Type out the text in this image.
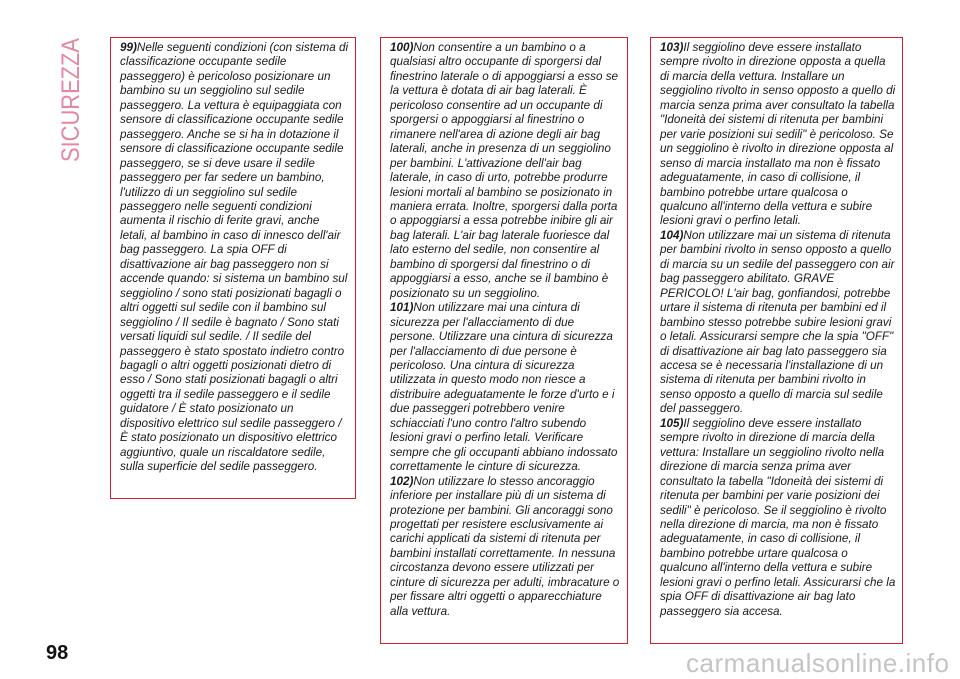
SICUREZZA	99)Nelle seguenti condizioni (con sistema di classificazione occupante sedile passeggero) è pericoloso posizionare un bambino su un seggiolino sul sedile passeggero. La vettura è equipaggiata con sensore di classificazione occupante sedile passeggero. Anche se si ha in dotazione il sensore di classificazione occupante sedile passeggero, se si deve usare il sedile passeggero per far sedere un bambino, l'utilizzo di un seggiolino sul sedile passeggero nelle seguenti condizioni aumenta il rischio di ferite gravi, anche letali, al bambino in caso di innesco dell'air bag passeggero. La spia OFF di disattivazione air bag passeggero non si accende quando: si sistema un bambino sul seggiolino / sono stati posizionati bagagli o altri oggetti sul sedile con il bambino sul seggiolino / Il sedile è bagnato / Sono stati versati liquidi sul sedile. / Il sedile del passeggero è stato spostato indietro contro bagagli o altri oggetti posizionati dietro di esso / Sono stati posizionati bagagli o altri oggetti tra il sedile passeggero e il sedile guidatore / È stato posizionato un dispositivo elettrico sul sedile passeggero / È stato posizionato un dispositivo elettrico aggiuntivo, quale un riscaldatore sedile, sulla superficie del sedile passeggero.

100)Non consentire a un bambino o a qualsiasi altro occupante di sporgersi dal finestrino laterale o di appoggiarsi a esso se la vettura è dotata di air bag laterali. È pericoloso consentire ad un occupante di sporgersi o appoggiarsi al finestrino o rimanere nell'area di azione degli air bag laterali, anche in presenza di un seggiolino per bambini. L'attivazione dell'air bag laterale, in caso di urto, potrebbe produrre lesioni mortali al bambino se posizionato in maniera errata. Inoltre, sporgersi dalla porta o appoggiarsi a essa potrebbe inibire gli air bag laterali. L'air bag laterale fuoriesce dal lato esterno del sedile, non consentire al bambino di sporgersi dal finestrino o di appoggiarsi a esso, anche se il bambino è posizionato su un seggiolino.

101)Non utilizzare mai una cintura di sicurezza per l'allacciamento di due persone. Utilizzare una cintura di sicurezza per l'allacciamento di due persone è pericoloso. Una cintura di sicurezza utilizzata in questo modo non riesce a distribuire adeguatamente le forze d'urto e i due passeggeri potrebbero venire schiacciati l'uno contro l'altro subendo lesioni gravi o perfino letali. Verificare sempre che gli occupanti abbiano indossato correttamente le cinture di sicurezza.

102)Non utilizzare lo stesso ancoraggio inferiore per installare più di un sistema di protezione per bambini. Gli ancoraggi sono progettati per resistere esclusivamente ai carichi applicati da sistemi di ritenuta per bambini installati correttamente. In nessuna circostanza devono essere utilizzati per cinture di sicurezza per adulti, imbracature o per fissare altri oggetti o apparecchiature alla vettura.

103)Il seggiolino deve essere installato sempre rivolto in direzione opposta a quella di marcia della vettura. Installare un seggiolino rivolto in senso opposto a quello di marcia senza prima aver consultato la tabella "Idoneità dei sistemi di ritenuta per bambini per varie posizioni sui sedili" è pericoloso. Se un seggiolino è rivolto in direzione opposta al senso di marcia installato ma non è fissato adeguatamente, in caso di collisione, il bambino potrebbe urtare qualcosa o qualcuno all'interno della vettura e subire lesioni gravi o perfino letali.

104)Non utilizzare mai un sistema di ritenuta per bambini rivolto in senso opposto a quello di marcia su un sedile del passeggero con air bag passeggero abilitato. GRAVE PERICOLO! L'air bag, gonfiandosi, potrebbe urtare il sistema di ritenuta per bambini ed il bambino stesso potrebbe subire lesioni gravi o letali. Assicurarsi sempre che la spia "OFF" di disattivazione air bag lato passeggero sia accesa se è necessaria l'installazione di un sistema di ritenuta per bambini rivolto in senso opposto a quello di marcia sul sedile del passeggero.

105)Il seggiolino deve essere installato sempre rivolto in direzione di marcia della vettura: Installare un seggiolino rivolto nella direzione di marcia senza prima aver consultato la tabella "Idoneità dei sistemi di ritenuta per bambini per varie posizioni dei sedili" è pericoloso. Se il seggiolino è rivolto nella direzione di marcia, ma non è fissato adeguatamente, in caso di collisione, il bambino potrebbe urtare qualcosa o qualcuno all'interno della vettura e subire lesioni gravi o perfino letali. Assicurarsi che la spia OFF di disattivazione air bag lato passeggero sia accesa.

98	carmanualsonline.info
